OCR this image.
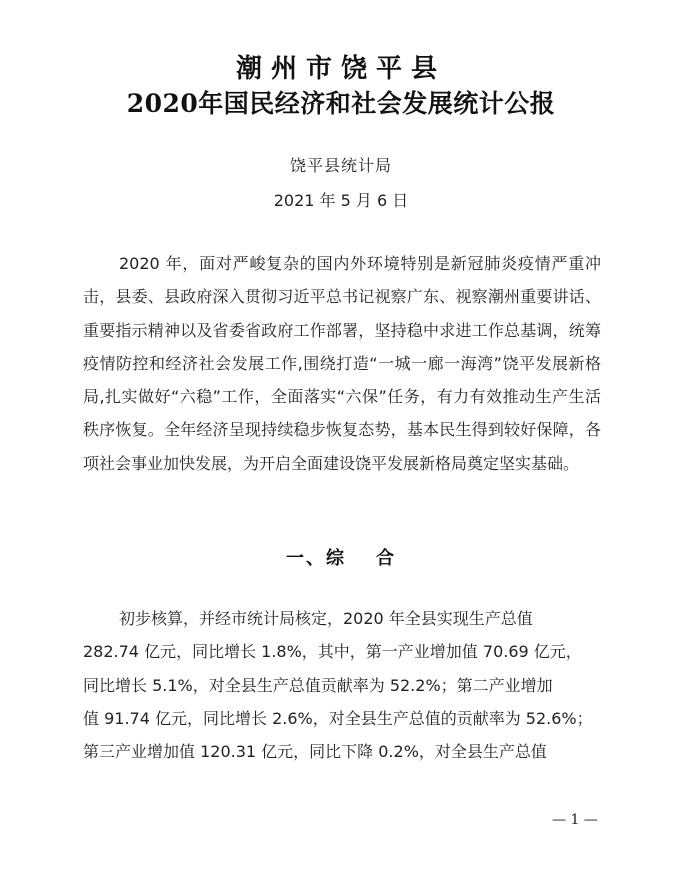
潮州市饶平县
2020年国民经济和社会发展统计公报
饶平县统计局
2021 年 5 月 6 日

2020 年，面对严峻复杂的国内外环境特别是新冠肺炎疫情严重冲击，县委、县政府深入贯彻习近平总书记视察广东、视察潮州重要讲话、重要指示精神以及省委省政府工作部署，坚持稳中求进工作总基调，统筹疫情防控和经济社会发展工作,围绕打造“一城一廊一海湾”饶平发展新格局,扎实做好“六稳”工作，全面落实“六保”任务，有力有效推动生产生活秩序恢复。全年经济呈现持续稳步恢复态势，基本民生得到较好保障，各项社会事业加快发展，为开启全面建设饶平发展新格局奠定坚实基础。

一、综 合

初步核算，并经市统计局核定，2020 年全县实现生产总值
282.74 亿元，同比增长 1.8%，其中，第一产业增加值 70.69 亿元，
同比增长 5.1%，对全县生产总值贡献率为 52.2%；第二产业增加
值 91.74 亿元，同比增长 2.6%，对全县生产总值的贡献率为 52.6%；
第三产业增加值 120.31 亿元，同比下降 0.2%，对全县生产总值

— 1 —
